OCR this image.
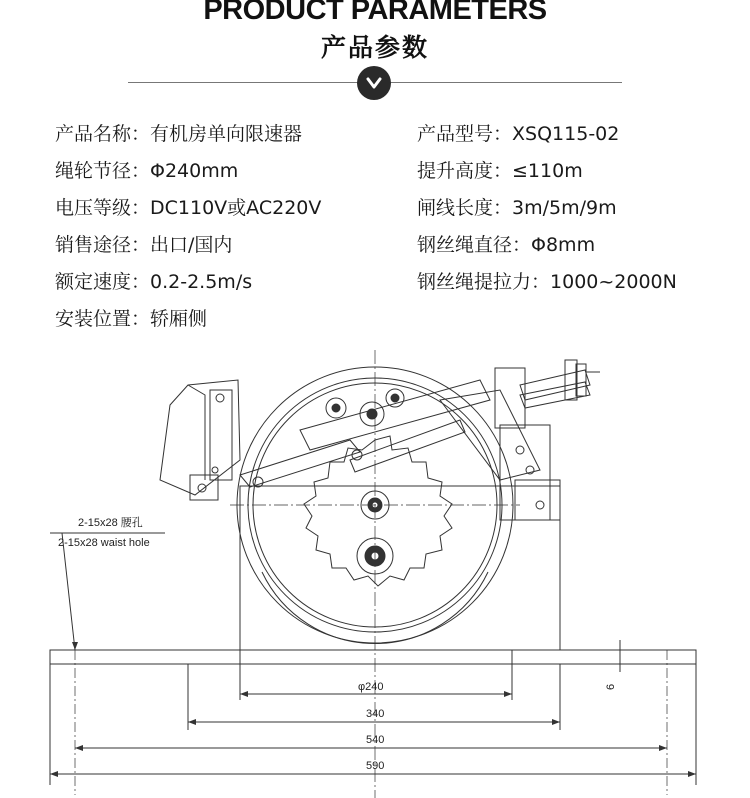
PRODUCT PARAMETERS
产品参数
产品名称：有机房单向限速器	产品型号：XSQ115-02
绳轮节径：Φ240mm	提升高度：≤110m
电压等级：DC110V或AC220V	闸线长度：3m/5m/9m
销售途径：出口/国内	钢丝绳直径：Φ8mm
额定速度：0.2-2.5m/s	钢丝绳提拉力：1000~2000N
安装位置：轿厢侧
2-15x28 腰孔
2-15x28 waist hole
φ240
340
540
590
6
